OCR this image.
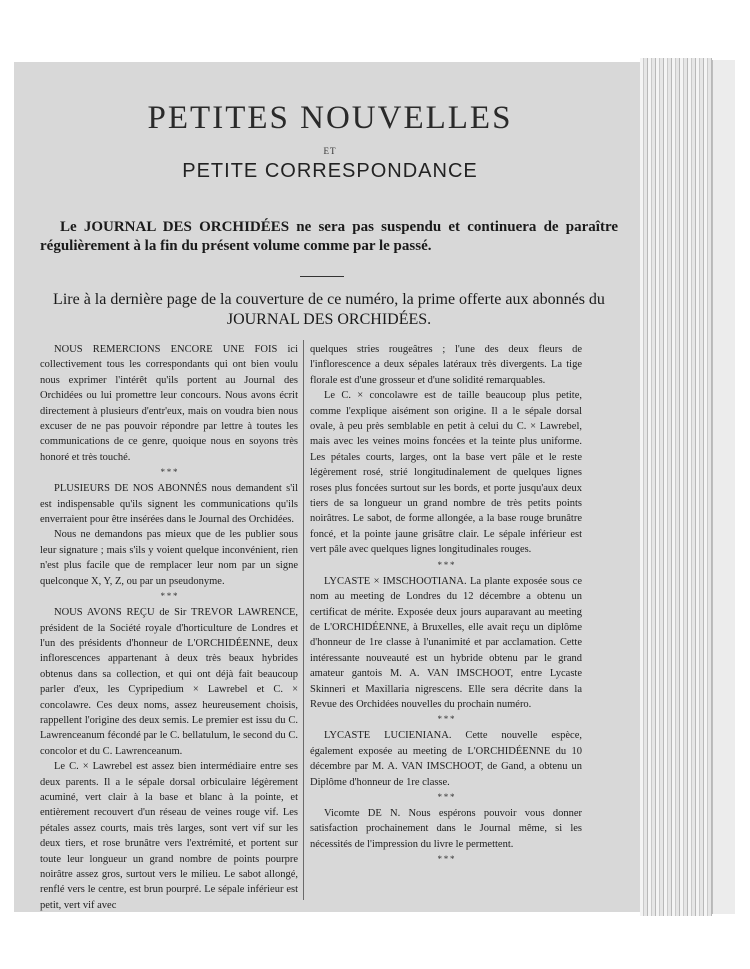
PETITES NOUVELLES
ET
PETITE CORRESPONDANCE
Le JOURNAL DES ORCHIDÉES ne sera pas suspendu et continuera de paraître régulièrement à la fin du présent volume comme par le passé.
Lire à la dernière page de la couverture de ce numéro, la prime offerte aux abonnés du JOURNAL DES ORCHIDÉES.

NOUS REMERCIONS ENCORE UNE FOIS ici collectivement tous les correspondants qui ont bien voulu nous exprimer l'intérêt qu'ils portent au Journal des Orchidées ou lui promettre leur concours. Nous avons écrit directement à plusieurs d'entr'eux, mais on voudra bien nous excuser de ne pas pouvoir répondre par lettre à toutes les communications de ce genre, quoique nous en soyons très honoré et très touché.

* * *

PLUSIEURS DE NOS ABONNÉS nous demandent s'il est indispensable qu'ils signent les communications qu'ils enverraient pour être insérées dans le Journal des Orchidées.

Nous ne demandons pas mieux que de les publier sous leur signature ; mais s'ils y voient quelque inconvénient, rien n'est plus facile que de remplacer leur nom par un signe quelconque X, Y, Z, ou par un pseudonyme.

* * *

NOUS AVONS REÇU de Sir TREVOR LAWRENCE, président de la Société royale d'horticulture de Londres et l'un des présidents d'honneur de L'ORCHIDÉENNE, deux inflorescences appartenant à deux très beaux hybrides obtenus dans sa collection, et qui ont déjà fait beaucoup parler d'eux, les Cypripedium × Lawrebel et C. × concolawre. Ces deux noms, assez heureusement choisis, rappellent l'origine des deux semis. Le premier est issu du C. Lawrenceanum fécondé par le C. bellatulum, le second du C. concolor et du C. Lawrenceanum.

Le C. × Lawrebel est assez bien intermédiaire entre ses deux parents. Il a le sépale dorsal orbiculaire légèrement acuminé, vert clair à la base et blanc à la pointe, et entièrement recouvert d'un réseau de veines rouge vif. Les pétales assez courts, mais très larges, sont vert vif sur les deux tiers, et rose brunâtre vers l'extrémité, et portent sur toute leur longueur un grand nombre de points pourpre noirâtre assez gros, surtout vers le milieu. Le sabot allongé, renflé vers le centre, est brun pourpré. Le sépale inférieur est petit, vert vif avec

quelques stries rougeâtres ; l'une des deux fleurs de l'inflorescence a deux sépales latéraux très divergents. La tige florale est d'une grosseur et d'une solidité remarquables.

Le C. × concolawre est de taille beaucoup plus petite, comme l'explique aisément son origine. Il a le sépale dorsal ovale, à peu près semblable en petit à celui du C. × Lawrebel, mais avec les veines moins foncées et la teinte plus uniforme. Les pétales courts, larges, ont la base vert pâle et le reste légèrement rosé, strié longitudinalement de quelques lignes roses plus foncées surtout sur les bords, et porte jusqu'aux deux tiers de sa longueur un grand nombre de très petits points noirâtres. Le sabot, de forme allongée, a la base rouge brunâtre foncé, et la pointe jaune grisâtre clair. Le sépale inférieur est vert pâle avec quelques lignes longitudinales rouges.

* * *

LYCASTE × IMSCHOOTIANA. La plante exposée sous ce nom au meeting de Londres du 12 décembre a obtenu un certificat de mérite. Exposée deux jours auparavant au meeting de L'ORCHIDÉENNE, à Bruxelles, elle avait reçu un diplôme d'honneur de 1re classe à l'unanimité et par acclamation. Cette intéressante nouveauté est un hybride obtenu par le grand amateur gantois M. A. VAN IMSCHOOT, entre Lycaste Skinneri et Maxillaria nigrescens. Elle sera décrite dans la Revue des Orchidées nouvelles du prochain numéro.

* * *

LYCASTE LUCIENIANA. Cette nouvelle espèce, également exposée au meeting de L'ORCHIDÉENNE du 10 décembre par M. A. VAN IMSCHOOT, de Gand, a obtenu un Diplôme d'honneur de 1re classe.

* * *

Vicomte DE N. Nous espérons pouvoir vous donner satisfaction prochainement dans le Journal même, si les nécessités de l'impression du livre le permettent.

* * *
